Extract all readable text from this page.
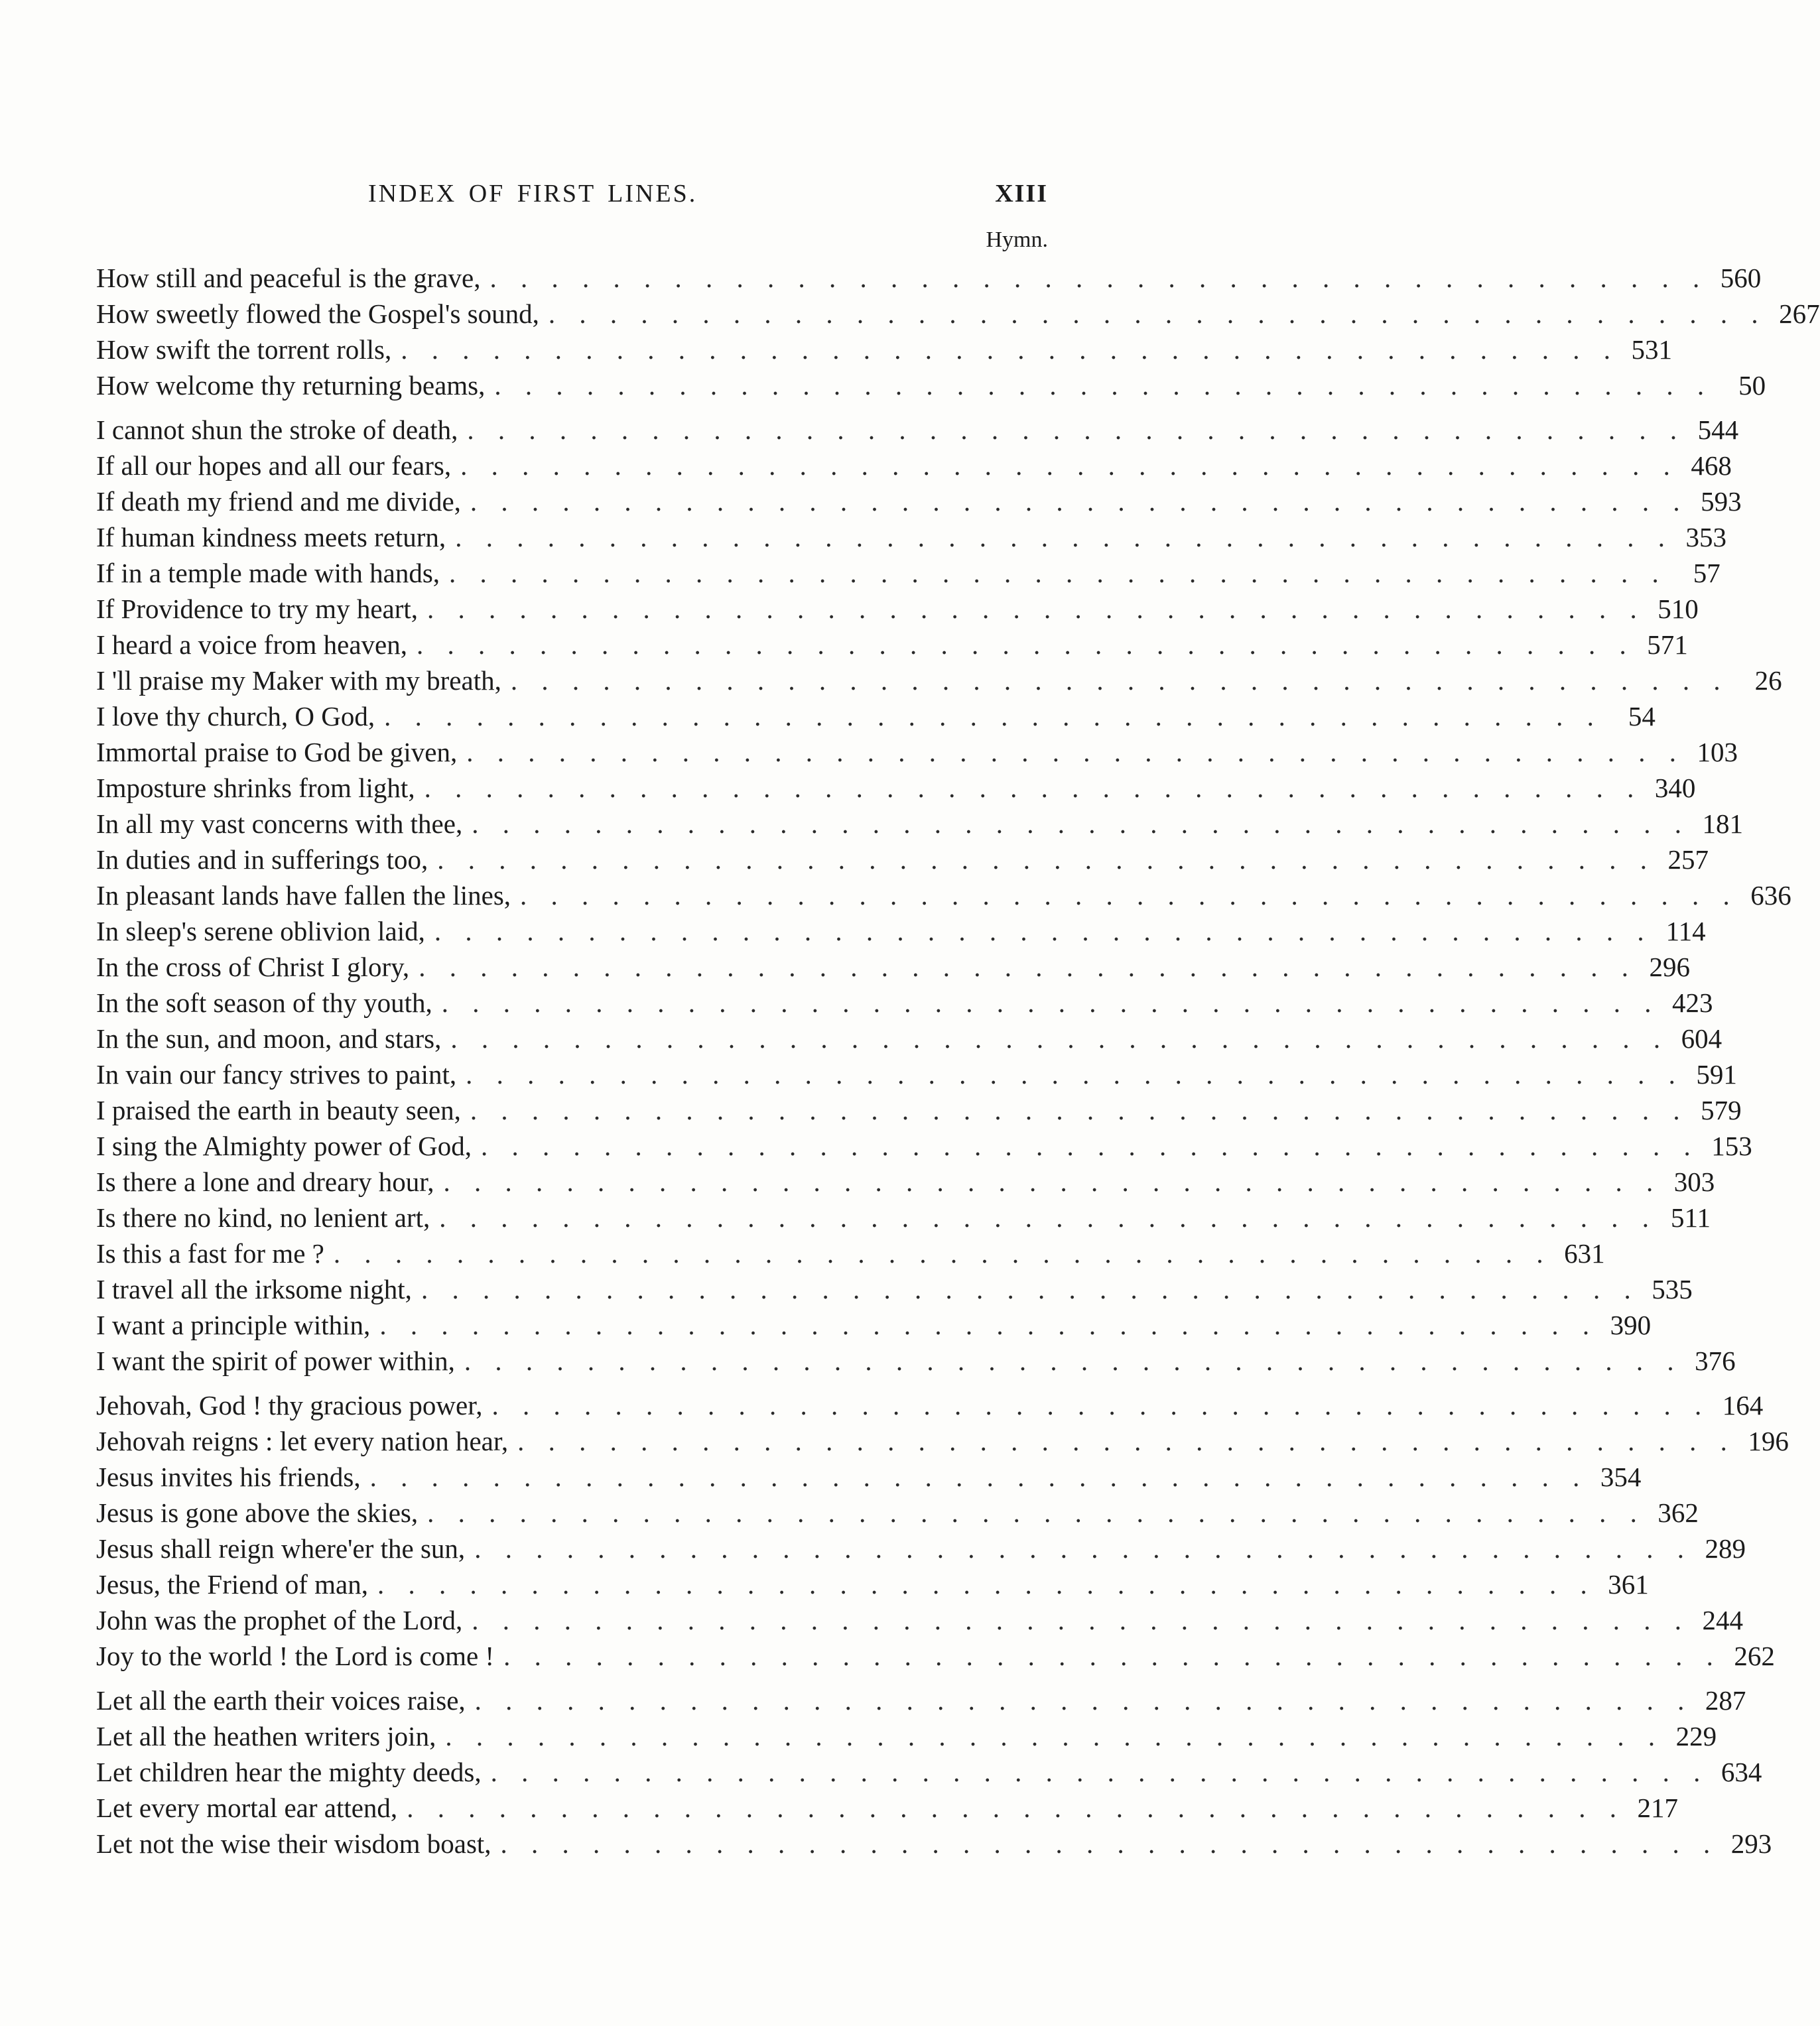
INDEX OF FIRST LINES.	XIII
Hymn.
How still and peaceful is the grave, . . . . . . . . . . . . . . . . . . . . . . . . . . . . . . . . . . . . . . . . 560
How sweetly flowed the Gospel's sound, . . . . . . . . . . . . . . . . . . . . . . . . . . . . . . . . . . . . . . . . 267
How swift the torrent rolls, . . . . . . . . . . . . . . . . . . . . . . . . . . . . . . . . . . . . . . . . 531
How welcome thy returning beams, . . . . . . . . . . . . . . . . . . . . . . . . . . . . . . . . . . . . . . . . 50
I cannot shun the stroke of death, . . . . . . . . . . . . . . . . . . . . . . . . . . . . . . . . . . . . . . . . 544
If all our hopes and all our fears, . . . . . . . . . . . . . . . . . . . . . . . . . . . . . . . . . . . . . . . . 468
If death my friend and me divide, . . . . . . . . . . . . . . . . . . . . . . . . . . . . . . . . . . . . . . . . 593
If human kindness meets return, . . . . . . . . . . . . . . . . . . . . . . . . . . . . . . . . . . . . . . . . 353
If in a temple made with hands, . . . . . . . . . . . . . . . . . . . . . . . . . . . . . . . . . . . . . . . . 57
If Providence to try my heart, . . . . . . . . . . . . . . . . . . . . . . . . . . . . . . . . . . . . . . . . 510
I heard a voice from heaven, . . . . . . . . . . . . . . . . . . . . . . . . . . . . . . . . . . . . . . . . 571
I 'll praise my Maker with my breath, . . . . . . . . . . . . . . . . . . . . . . . . . . . . . . . . . . . . . . . . 26
I love thy church, O God, . . . . . . . . . . . . . . . . . . . . . . . . . . . . . . . . . . . . . . . . 54
Immortal praise to God be given, . . . . . . . . . . . . . . . . . . . . . . . . . . . . . . . . . . . . . . . . 103
Imposture shrinks from light, . . . . . . . . . . . . . . . . . . . . . . . . . . . . . . . . . . . . . . . . 340
In all my vast concerns with thee, . . . . . . . . . . . . . . . . . . . . . . . . . . . . . . . . . . . . . . . . 181
In duties and in sufferings too, . . . . . . . . . . . . . . . . . . . . . . . . . . . . . . . . . . . . . . . . 257
In pleasant lands have fallen the lines, . . . . . . . . . . . . . . . . . . . . . . . . . . . . . . . . . . . . . . . . 636
In sleep's serene oblivion laid, . . . . . . . . . . . . . . . . . . . . . . . . . . . . . . . . . . . . . . . . 114
In the cross of Christ I glory, . . . . . . . . . . . . . . . . . . . . . . . . . . . . . . . . . . . . . . . . 296
In the soft season of thy youth, . . . . . . . . . . . . . . . . . . . . . . . . . . . . . . . . . . . . . . . . 423
In the sun, and moon, and stars, . . . . . . . . . . . . . . . . . . . . . . . . . . . . . . . . . . . . . . . . 604
In vain our fancy strives to paint, . . . . . . . . . . . . . . . . . . . . . . . . . . . . . . . . . . . . . . . . 591
I praised the earth in beauty seen, . . . . . . . . . . . . . . . . . . . . . . . . . . . . . . . . . . . . . . . . 579
I sing the Almighty power of God, . . . . . . . . . . . . . . . . . . . . . . . . . . . . . . . . . . . . . . . . 153
Is there a lone and dreary hour, . . . . . . . . . . . . . . . . . . . . . . . . . . . . . . . . . . . . . . . . 303
Is there no kind, no lenient art, . . . . . . . . . . . . . . . . . . . . . . . . . . . . . . . . . . . . . . . . 511
Is this a fast for me ? . . . . . . . . . . . . . . . . . . . . . . . . . . . . . . . . . . . . . . . . 631
I travel all the irksome night, . . . . . . . . . . . . . . . . . . . . . . . . . . . . . . . . . . . . . . . . 535
I want a principle within, . . . . . . . . . . . . . . . . . . . . . . . . . . . . . . . . . . . . . . . . 390
I want the spirit of power within, . . . . . . . . . . . . . . . . . . . . . . . . . . . . . . . . . . . . . . . . 376
Jehovah, God ! thy gracious power, . . . . . . . . . . . . . . . . . . . . . . . . . . . . . . . . . . . . . . . . 164
Jehovah reigns : let every nation hear, . . . . . . . . . . . . . . . . . . . . . . . . . . . . . . . . . . . . . . . . 196
Jesus invites his friends, . . . . . . . . . . . . . . . . . . . . . . . . . . . . . . . . . . . . . . . . 354
Jesus is gone above the skies, . . . . . . . . . . . . . . . . . . . . . . . . . . . . . . . . . . . . . . . . 362
Jesus shall reign where'er the sun, . . . . . . . . . . . . . . . . . . . . . . . . . . . . . . . . . . . . . . . . 289
Jesus, the Friend of man, . . . . . . . . . . . . . . . . . . . . . . . . . . . . . . . . . . . . . . . . 361
John was the prophet of the Lord, . . . . . . . . . . . . . . . . . . . . . . . . . . . . . . . . . . . . . . . . 244
Joy to the world ! the Lord is come ! . . . . . . . . . . . . . . . . . . . . . . . . . . . . . . . . . . . . . . . . 262
Let all the earth their voices raise, . . . . . . . . . . . . . . . . . . . . . . . . . . . . . . . . . . . . . . . . 287
Let all the heathen writers join, . . . . . . . . . . . . . . . . . . . . . . . . . . . . . . . . . . . . . . . . 229
Let children hear the mighty deeds, . . . . . . . . . . . . . . . . . . . . . . . . . . . . . . . . . . . . . . . . 634
Let every mortal ear attend, . . . . . . . . . . . . . . . . . . . . . . . . . . . . . . . . . . . . . . . . 217
Let not the wise their wisdom boast, . . . . . . . . . . . . . . . . . . . . . . . . . . . . . . . . . . . . . . . . 293
